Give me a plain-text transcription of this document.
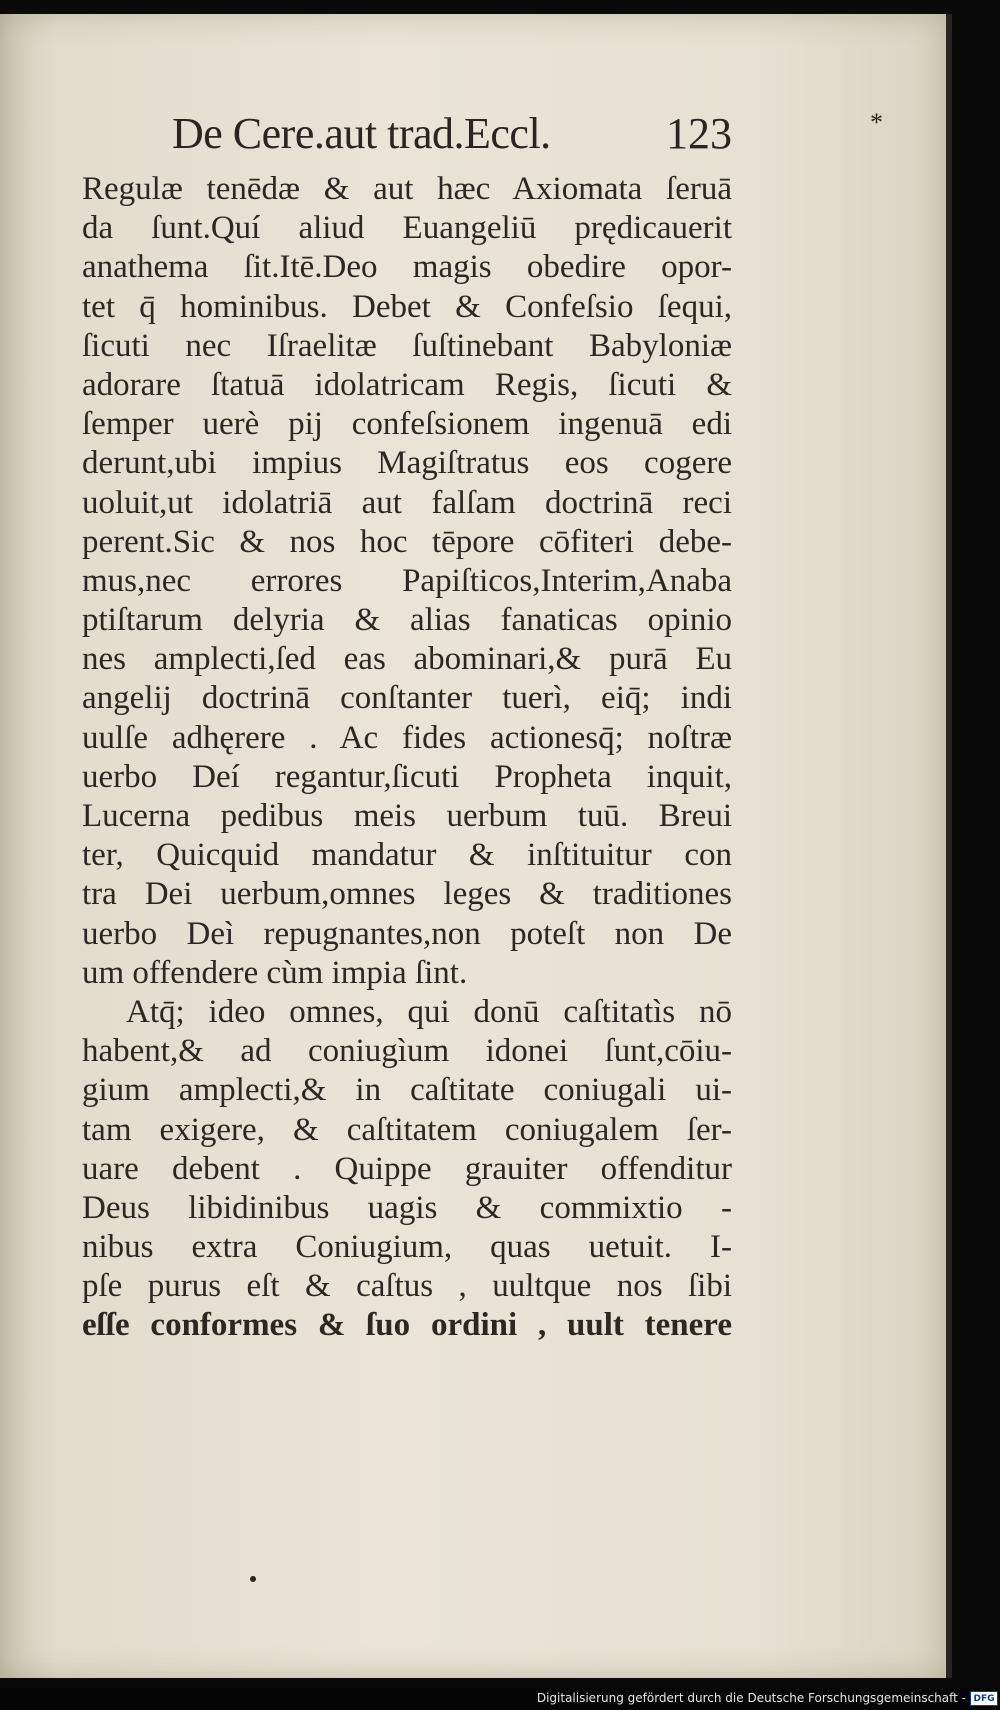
De Cere.aut trad.Eccl.	123	*
Regulæ tenēdæ & aut hæc Axiomata ſeruā
da ſunt.Quí aliud Euangeliū prędicauerit
anathema ſit.Itē.Deo magis obedire opor-
tet q̄ hominibus. Debet & Confeſsio ſequi,
ſicuti nec Iſraelitæ ſuſtinebant Babyloniæ
adorare ſtatuā idolatricam Regis, ſicuti &
ſemper uerè pij confeſsionem ingenuā edi
derunt,ubi impius Magiſtratus eos cogere
uoluit,ut idolatriā aut falſam doctrinā reci
perent.Sic & nos hoc tēpore cōfiteri debe-
mus,nec errores Papiſticos,Interim,Anaba
ptiſtarum delyria & alias fanaticas opinio
nes amplecti,ſed eas abominari,& purā Eu
angelij doctrinā conſtanter tuerì, eiq̄; indi
uulſe adhęrere . Ac fides actionesq̄; noſtræ
uerbo Deí regantur,ſicuti Propheta inquit,
Lucerna pedibus meis uerbum tuū. Breui
ter, Quicquid mandatur & inſtituitur con
tra Dei uerbum,omnes leges & traditiones
uerbo Deì repugnantes,non poteſt non De
um offendere cùm impia ſint.
Atq̄; ideo omnes, qui donū caſtitatìs nō
habent,& ad coniugìum idonei ſunt,cōiu-
gium amplecti,& in caſtitate coniugali ui-
tam exigere, & caſtitatem coniugalem ſer-
uare debent . Quippe grauiter offenditur
Deus libidinibus uagis & commixtio -
nibus extra Coniugium, quas uetuit. I-
pſe purus eſt & caſtus , uultque nos ſibi
eſſe conformes & ſuo ordini , uult tenere
Digitalisierung gefördert durch die Deutsche Forschungsgemeinschaft - DFG
